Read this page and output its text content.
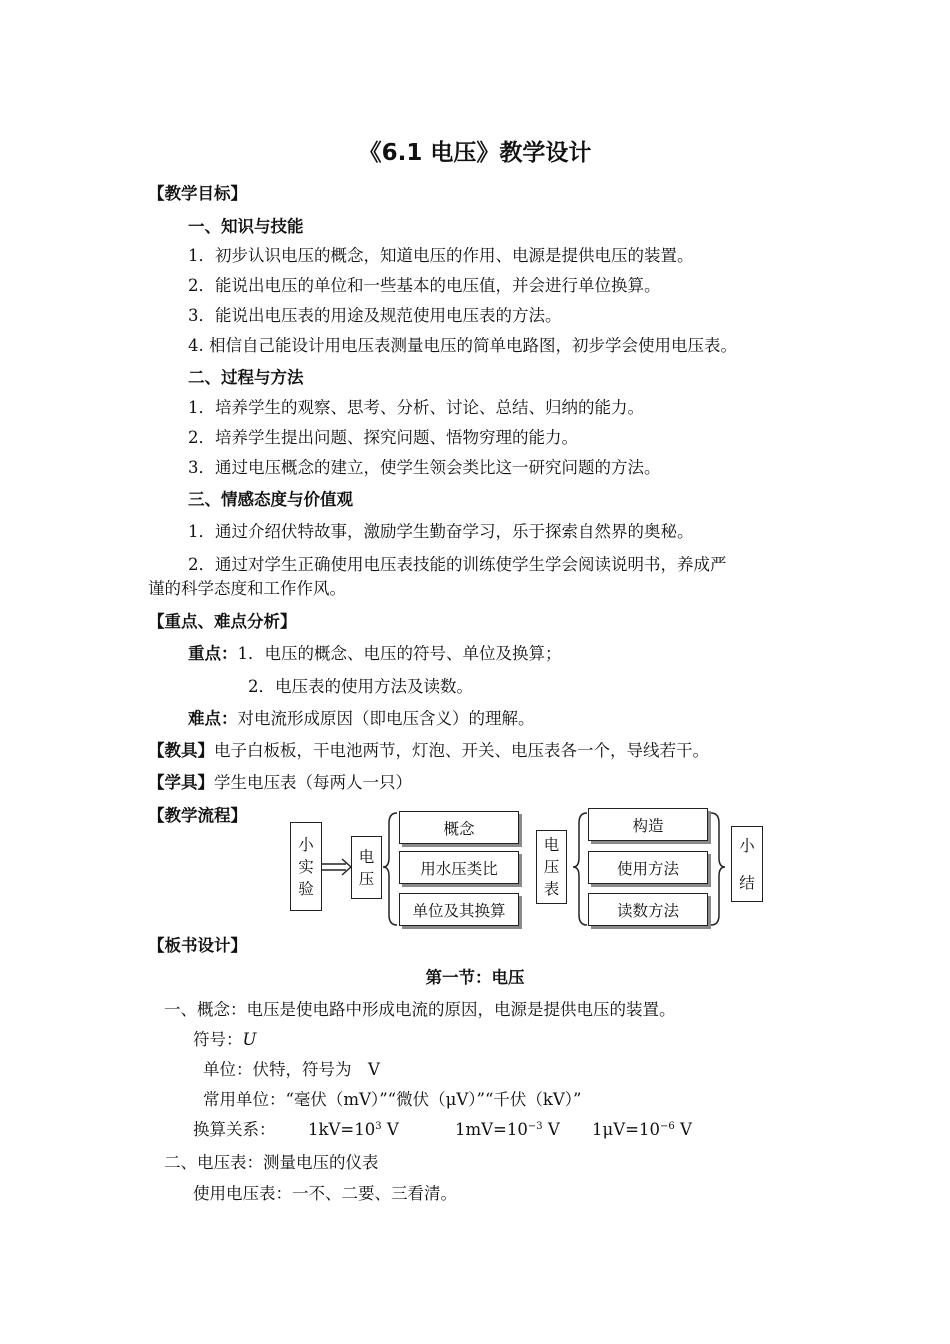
《6.1 电压》教学设计
【教学目标】
一、知识与技能
1．初步认识电压的概念，知道电压的作用、电源是提供电压的装置。
2．能说出电压的单位和一些基本的电压值，并会进行单位换算。
3．能说出电压表的用途及规范使用电压表的方法。
4. 相信自己能设计用电压表测量电压的简单电路图，初步学会使用电压表。
二、过程与方法
1．培养学生的观察、思考、分析、讨论、总结、归纳的能力。
2．培养学生提出问题、探究问题、悟物穷理的能力。
3．通过电压概念的建立，使学生领会类比这一研究问题的方法。
三、情感态度与价值观
1．通过介绍伏特故事，激励学生勤奋学习，乐于探索自然界的奥秘。
2．通过对学生正确使用电压表技能的训练使学生学会阅读说明书，养成严
谨的科学态度和工作作风。
【重点、难点分析】
重点：1．电压的概念、电压的符号、单位及换算；
2．电压表的使用方法及读数。
难点：对电流形成原因（即电压含义）的理解。
【教具】电子白板板，干电池两节，灯泡、开关、电压表各一个，导线若干。
【学具】学生电压表（每两人一只）
【教学流程】
小
实
验
电
压
概念
用水压类比
单位及其换算
电
压
表
构造
使用方法
读数方法
小
结
【板书设计】
第一节：电压
一、概念：电压是使电路中形成电流的原因，电源是提供电压的装置。
符号：U
单位：伏特，符号为　V
常用单位：“毫伏（mV）”“微伏（μV）”“千伏（kV）”
换算关系： $1kV=10^3$ V	$1mV=10^{-3}$ V $1\mu V=10^{-6}$ V
二、电压表：测量电压的仪表
使用电压表：一不、二要、三看清。
